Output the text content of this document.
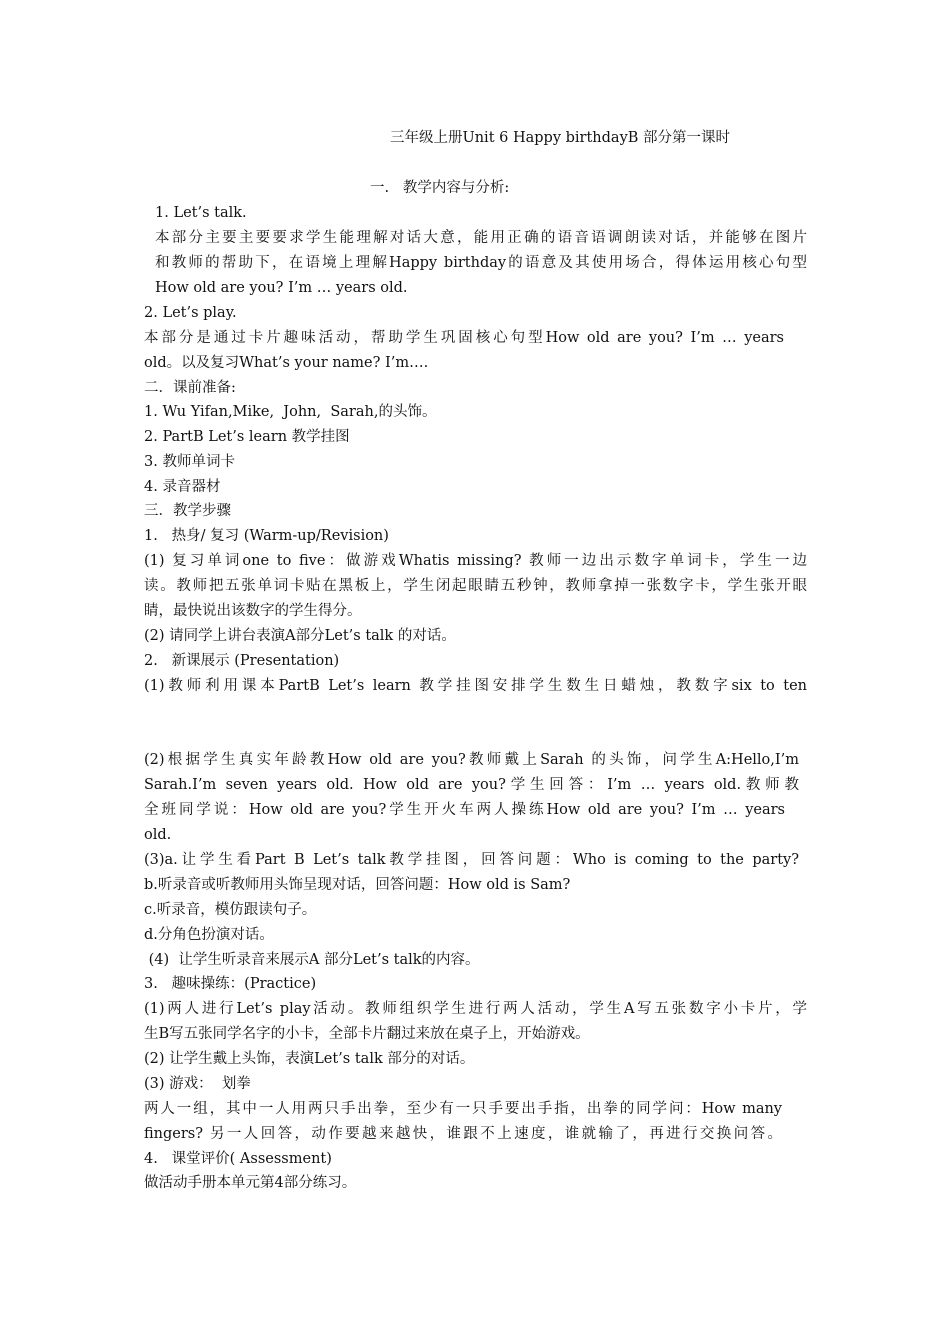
三年级上册Unit 6 Happy birthdayB 部分第一课时
一.   教学内容与分析:
1. Let’s talk.
本部分主要主要要求学生能理解对话大意，能用正确的语音语调朗读对话，并能够在图片
和教师的帮助下，在语境上理解Happy birthday的语意及其使用场合，得体运用核心句型
How old are you? I’m … years old.
2. Let’s play.
本部分是通过卡片趣味活动，帮助学生巩固核心句型How old are you? I’m … years
old。以及复习What’s your name? I’m….
二．课前准备:
1. Wu Yifan,Mike,  John,  Sarah,的头饰。
2. PartB Let’s learn 教学挂图
3. 教师单词卡
4. 录音器材
三．教学步骤
1.   热身/ 复习 (Warm-up/Revision)
(1) 复习单词one to five：做游戏Whatis missing? 教师一边出示数字单词卡，学生一边
读。教师把五张单词卡贴在黑板上，学生闭起眼睛五秒钟，教师拿掉一张数字卡，学生张开眼
睛，最快说出该数字的学生得分。
(2) 请同学上讲台表演A部分Let’s talk 的对话。
2.   新课展示 (Presentation)
(1)教师利用课本PartB Let’s learn 教学挂图安排学生数生日蜡烛，教数字six to ten
(2)根据学生真实年龄教How old are you?教师戴上Sarah 的头饰，问学生A:Hello,I’m
Sarah.I’m seven years old. How old are you?学生回答：I’m … years old.教师教
全班同学说：How old are you?学生开火车两人操练How old are you? I’m … years
old.
(3)a.让学生看Part B Let’s talk教学挂图，回答问题：Who is coming to the party?
b.听录音或听教师用头饰呈现对话，回答问题：How old is Sam?
c.听录音，模仿跟读句子。
d.分角色扮演对话。
(4)  让学生听录音来展示A 部分Let’s talk的内容。
3.   趣味操练：(Practice)
(1)两人进行Let’s play活动。教师组织学生进行两人活动，学生A写五张数字小卡片，学
生B写五张同学名字的小卡，全部卡片翻过来放在桌子上，开始游戏。
(2) 让学生戴上头饰，表演Let’s talk 部分的对话。
(3) 游戏：  划拳
两人一组，其中一人用两只手出拳，至少有一只手要出手指，出拳的同学问：How many
fingers? 另一人回答，动作要越来越快，谁跟不上速度，谁就输了，再进行交换问答。
4.   课堂评价( Assessment)
做活动手册本单元第4部分练习。
